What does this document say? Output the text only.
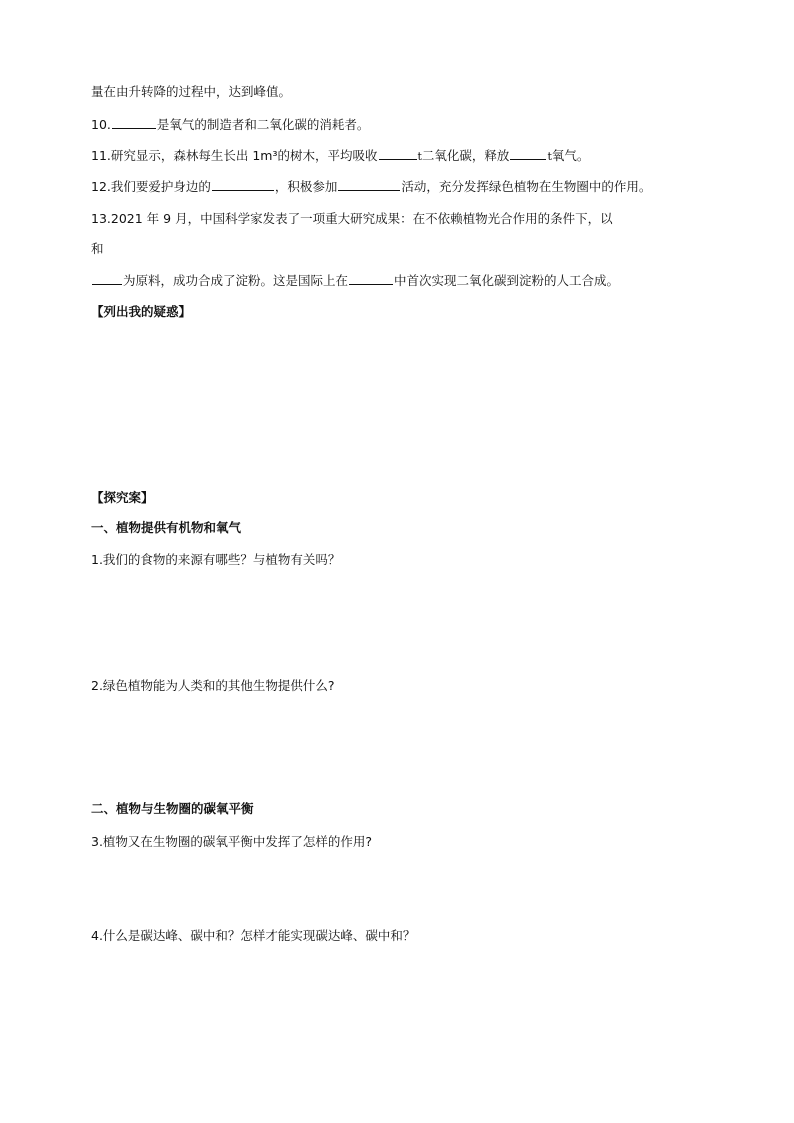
量在由升转降的过程中，达到峰值。
10.	是氧气的制造者和二氧化碳的消耗者。
11.研究显示，森林每生长出 1m³的树木，平均吸收	t二氧化碳，释放	t氧气。
12.我们要爱护身边的	，积极参加	活动，充分发挥绿色植物在生物圈中的作用。
13.2021 年 9 月，中国科学家发表了一项重大研究成果：在不依赖植物光合作用的条件下，以
和
为原料，成功合成了淀粉。这是国际上在	中首次实现二氧化碳到淀粉的人工合成。
【列出我的疑惑】
【探究案】
一、植物提供有机物和氧气
1.我们的食物的来源有哪些？与植物有关吗？
2.绿色植物能为人类和的其他生物提供什么?
二、植物与生物圈的碳氧平衡
3.植物又在生物圈的碳氧平衡中发挥了怎样的作用?
4.什么是碳达峰、碳中和？怎样才能实现碳达峰、碳中和？
